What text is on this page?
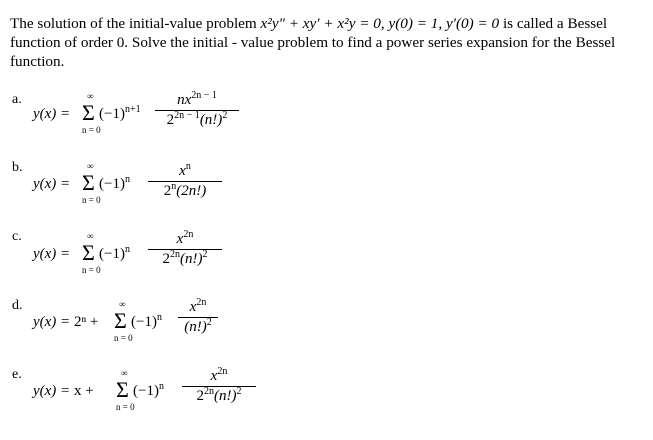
The solution of the initial-value problem x²y″ + xy′ + x²y = 0, y(0) = 1, y′(0) = 0 is called a Bessel function of order 0. Solve the initial - value problem to find a power series expansion for the Bessel function.
a.
y(x) =
∞
Σ
n = 0
$(-1)^{n+1}$
$nx^{2n - 1}$
$2^{2n - 1}(n!)^2$
b.
y(x) =
∞
Σ
n = 0
$(-1)^n$
$x^n$
2$^n$(2n!)
c.
y(x) =
∞
Σ
n = 0
$(-1)^n$
$x^{2n}$
$2^{2n}(n!)^2$
d.
y(x) = 2ⁿ +
∞
Σ
n = 0
$(-1)^n$
$x^{2n}$
$(n!)^2$
e.
y(x) = x +
∞
Σ
n = 0
$(-1)^n$
$x^{2n}$
$2^{2n}(n!)^2$
